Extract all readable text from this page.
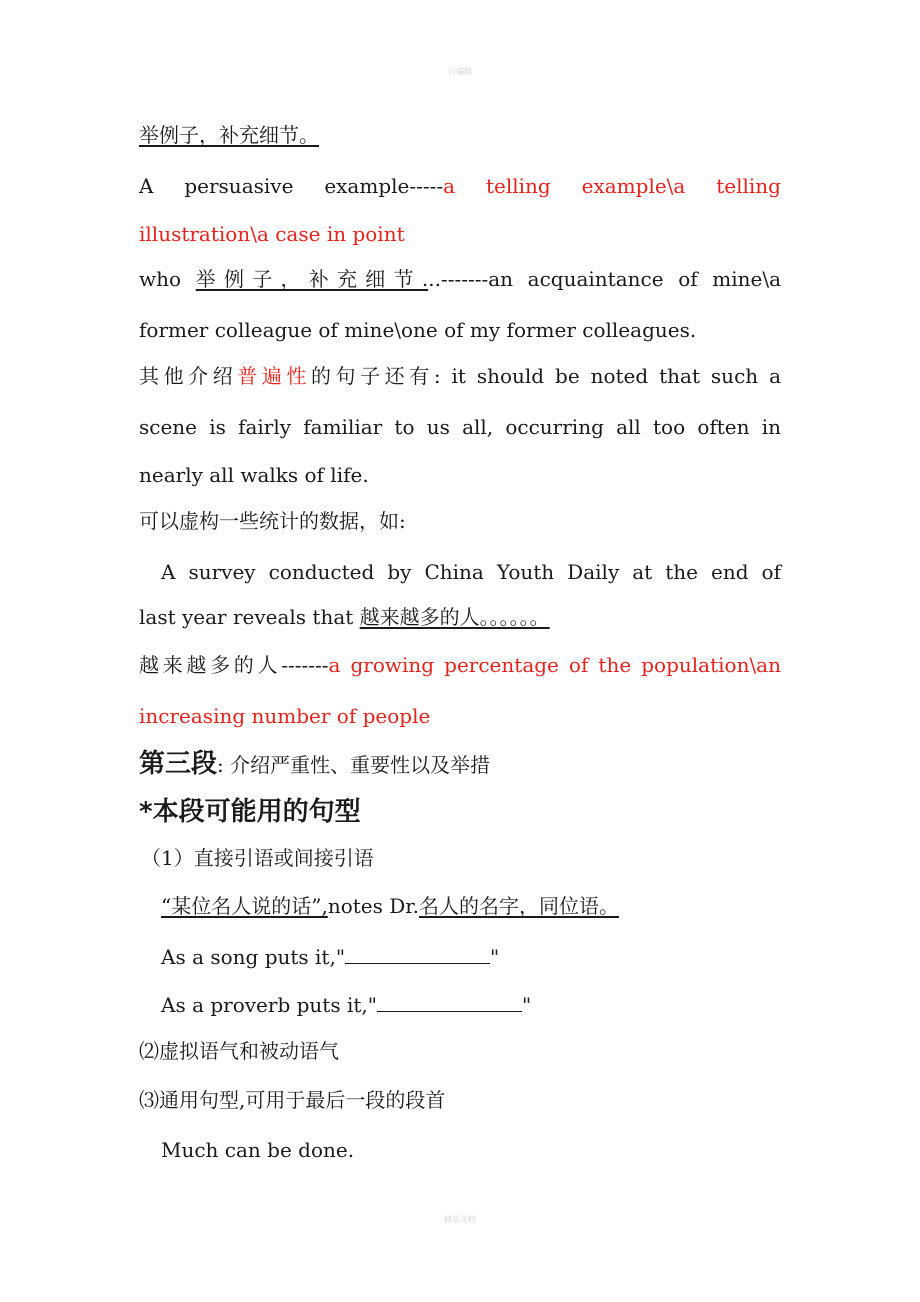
可编辑
举例子，补充细节。
A persuasive example-----a telling example\a telling
illustration\a case in point
who 举例子，补充细节...-------an acquaintance of mine\a
former colleague of mine\one of my former colleagues.
其他介绍普遍性的句子还有: it should be noted that such a
scene is fairly familiar to us all, occurring all too often in
nearly all walks of life.
可以虚构一些统计的数据，如:
A survey conducted by China Youth Daily at the end of
last year reveals that 越来越多的人。。。。。。
越来越多的人-------a growing percentage of the population\an
increasing number of people
第三段: 介绍严重性、重要性以及举措
*本段可能用的句型
（1）直接引语或间接引语
“某位名人说的话”,notes Dr.名人的名字，同位语。
As a song puts it,"	"
As a proverb puts it,"	"
⑵虚拟语气和被动语气
⑶通用句型,可用于最后一段的段首
Much can be done.
精品文档
